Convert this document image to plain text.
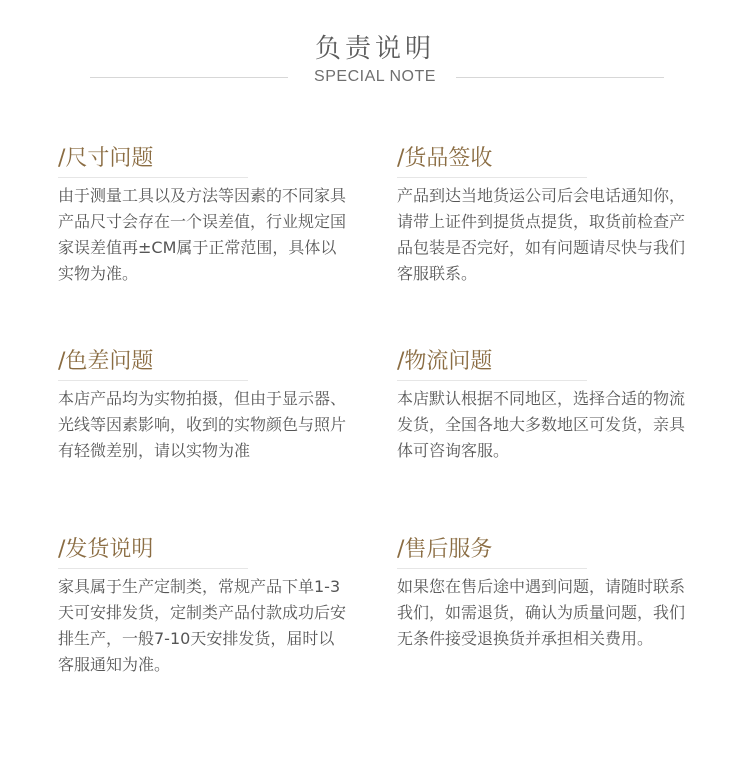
负责说明
SPECIAL NOTE
/尺寸问题
由于测量工具以及方法等因素的不同家具产品尺寸会存在一个误差值，行业规定国家误差值再±CM属于正常范围，具体以实物为准。
/货品签收
产品到达当地货运公司后会电话通知你，请带上证件到提货点提货，取货前检查产品包装是否完好，如有问题请尽快与我们客服联系。
/色差问题
本店产品均为实物拍摄，但由于显示器、光线等因素影响，收到的实物颜色与照片有轻微差别，请以实物为准
/物流问题
本店默认根据不同地区，选择合适的物流发货，全国各地大多数地区可发货，亲具体可咨询客服。
/发货说明
家具属于生产定制类，常规产品下单1-3天可安排发货，定制类产品付款成功后安排生产，一般7-10天安排发货，届时以客服通知为准。
/售后服务
如果您在售后途中遇到问题，请随时联系我们，如需退货，确认为质量问题，我们无条件接受退换货并承担相关费用。
